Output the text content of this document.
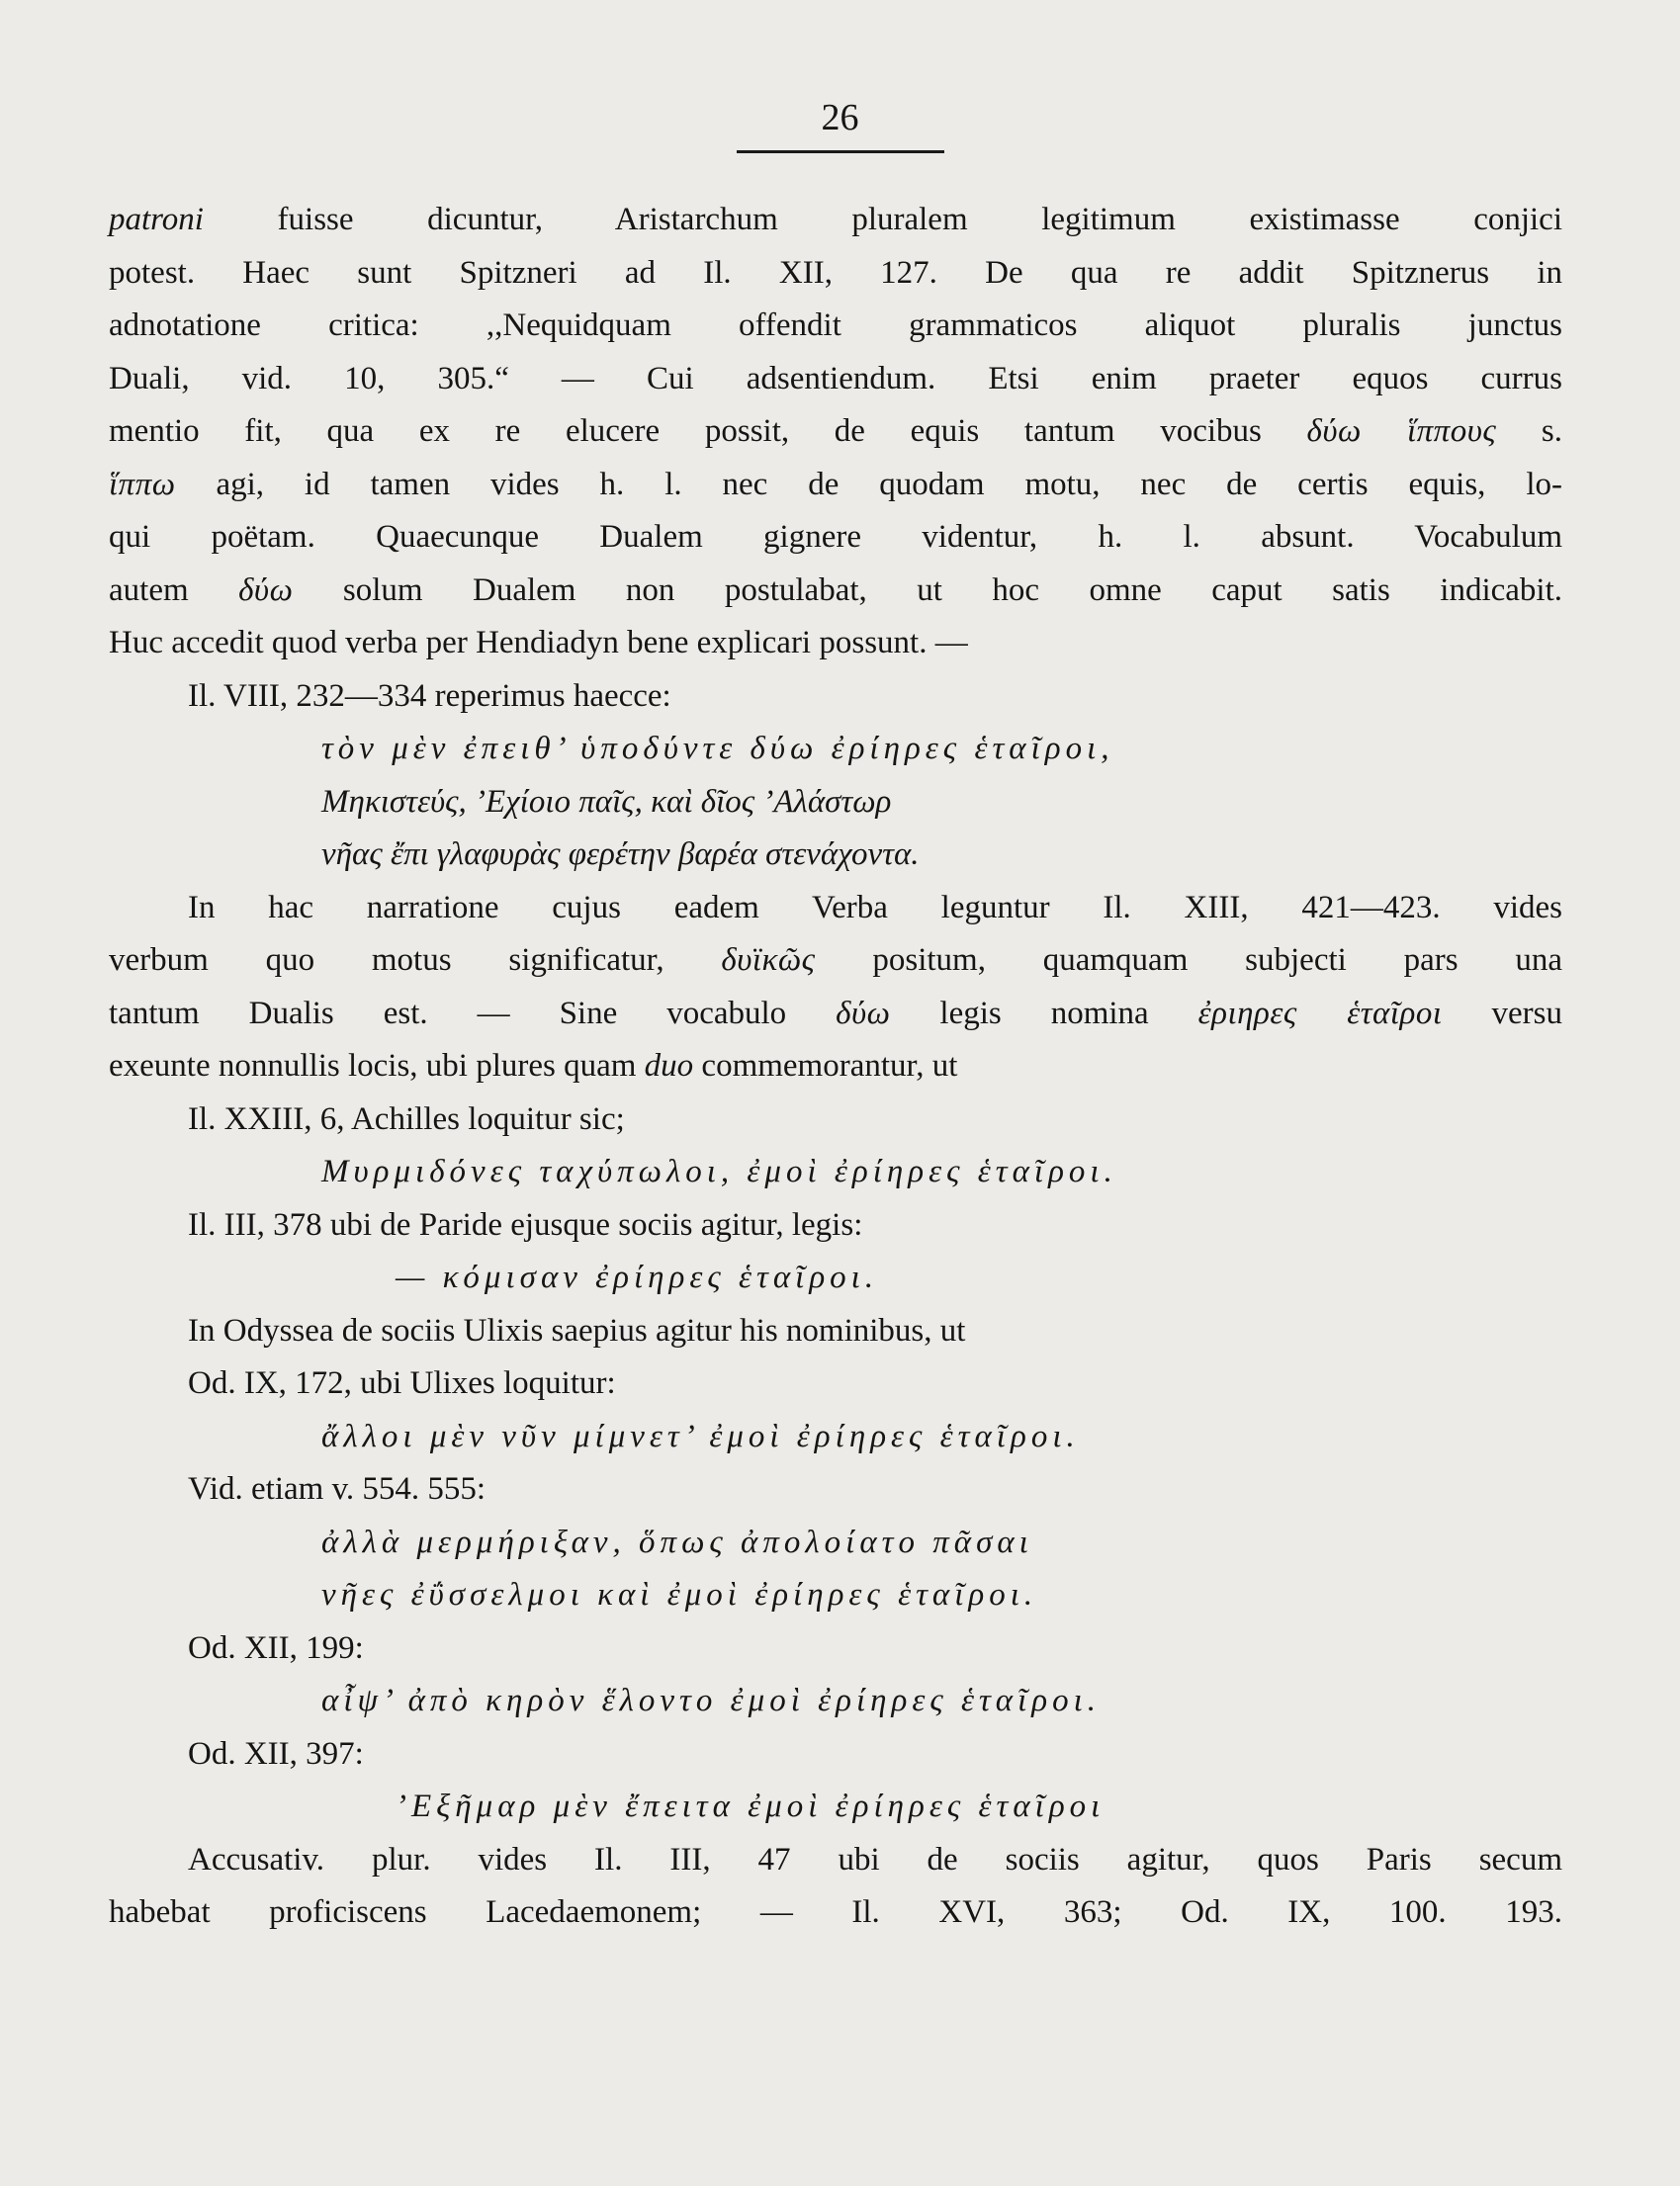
26
patroni fuisse dicuntur, Aristarchum pluralem legitimum existimasse conjici
potest. Haec sunt Spitzneri ad Il. XII, 127. De qua re addit Spitznerus in
adnotatione critica: ,,Nequidquam offendit grammaticos aliquot pluralis junctus
Duali, vid. 10, 305.“ — Cui adsentiendum. Etsi enim praeter equos currus
mentio fit, qua ex re elucere possit, de equis tantum vocibus δύω ἵππους s.
ἵππω agi, id tamen vides h. l. nec de quodam motu, nec de certis equis, lo-
qui poëtam. Quaecunque Dualem gignere videntur, h. l. absunt. Vocabulum
autem δύω solum Dualem non postulabat, ut hoc omne caput satis indicabit.
Huc accedit quod verba per Hendiadyn bene explicari possunt. —
Il. VIII, 232—334 reperimus haecce:
τὸν μὲν ἐπειθ’ ὑποδύντε δύω ἐρίηρες ἑταῖροι,
Μηκιστεύς, ’Εχίοιο παῖς, καὶ δῖος ’Αλάστωρ
νῆας ἔπι γλαφυρὰς φερέτην βαρέα στενάχοντα.
In hac narratione cujus eadem Verba leguntur Il. XIII, 421—423. vides
verbum quo motus significatur, δυϊκῶς positum, quamquam subjecti pars una
tantum Dualis est. — Sine vocabulo δύω legis nomina ἐριηρες ἑταῖροι versu
exeunte nonnullis locis, ubi plures quam duo commemorantur, ut
Il. XXIII, 6, Achilles loquitur sic;
Μυρμιδόνες ταχύπωλοι, ἐμοὶ ἐρίηρες ἑταῖροι.
Il. III, 378 ubi de Paride ejusque sociis agitur, legis:
— κόμισαν ἐρίηρες ἑταῖροι.
In Odyssea de sociis Ulixis saepius agitur his nominibus, ut
Od. IX, 172, ubi Ulixes loquitur:
ἄλλοι μὲν νῦν μίμνετ’ ἐμοὶ ἐρίηρες ἑταῖροι.
Vid. etiam v. 554. 555:
ἀλλὰ μερμήριξαν, ὅπως ἀπολοίατο πᾶσαι
νῆες ἐΰσσελμοι καὶ ἐμοὶ ἐρίηρες ἑταῖροι.
Od. XII, 199:
αἶψ’ ἀπὸ κηρὸν ἕλοντο ἐμοὶ ἐρίηρες ἑταῖροι.
Od. XII, 397:
’Εξῆμαρ μὲν ἔπειτα ἐμοὶ ἐρίηρες ἑταῖροι
Accusativ. plur. vides Il. III, 47 ubi de sociis agitur, quos Paris secum
habebat proficiscens Lacedaemonem; — Il. XVI, 363; Od. IX, 100. 193.
